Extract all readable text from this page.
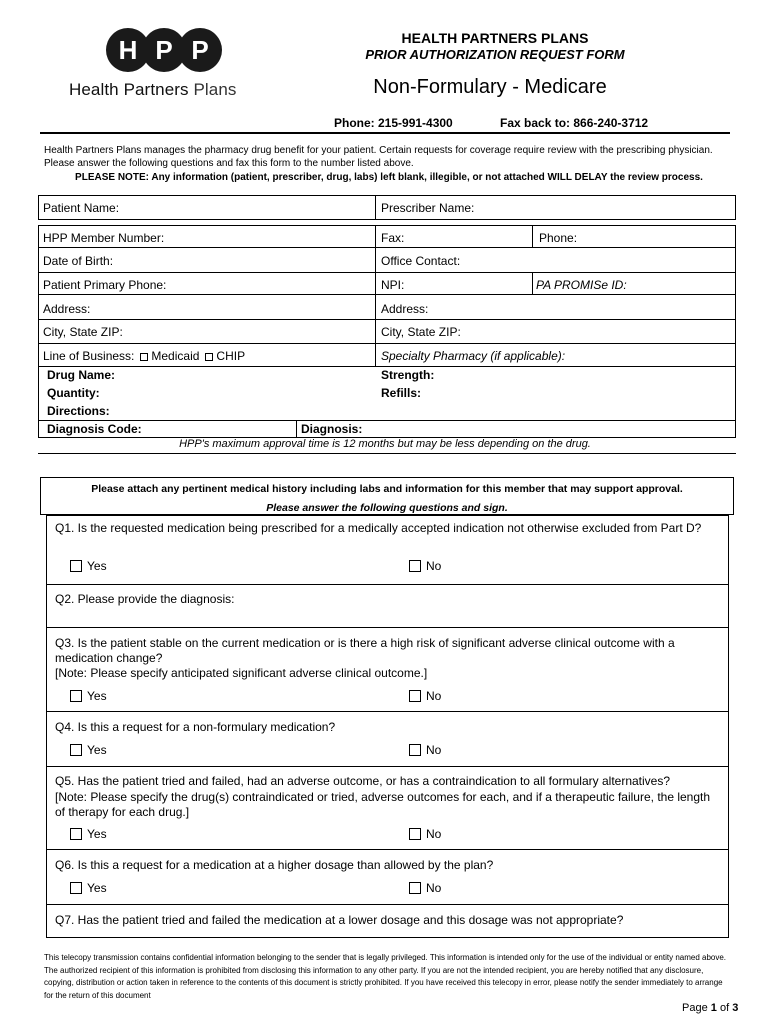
H P P
Health Partners Plans
HEALTH PARTNERS PLANS
PRIOR AUTHORIZATION REQUEST FORM
Non-Formulary - Medicare
Phone: 215-991-4300	Fax back to: 866-240-3712
Health Partners Plans manages the pharmacy drug benefit for your patient. Certain requests for coverage require review with the prescribing physician. Please answer the following questions and fax this form to the number listed above.
PLEASE NOTE: Any information (patient, prescriber, drug, labs) left blank, illegible, or not attached WILL DELAY the review process.
Patient Name:	Prescriber Name:
HPP Member Number:	Fax:	Phone:
Date of Birth:	Office Contact:
Patient Primary Phone:	NPI:	PA PROMISe ID:
Address:	Address:
City, State ZIP:	City, State ZIP:
Line of Business: Medicaid CHIP	Specialty Pharmacy (if applicable):
Drug Name:	Strength:
Quantity:	Refills:
Directions:
Diagnosis Code:	Diagnosis:
HPP's maximum approval time is 12 months but may be less depending on the drug.
Please attach any pertinent medical history including labs and information for this member that may support approval.
Please answer the following questions and sign.
Q1. Is the requested medication being prescribed for a medically accepted indication not otherwise excluded from Part D?
Yes	No
Q2. Please provide the diagnosis:
Q3. Is the patient stable on the current medication or is there a high risk of significant adverse clinical outcome with a medication change?
[Note: Please specify anticipated significant adverse clinical outcome.]
Yes	No
Q4. Is this a request for a non-formulary medication?
Yes	No
Q5. Has the patient tried and failed, had an adverse outcome, or has a contraindication to all formulary alternatives?
[Note: Please specify the drug(s) contraindicated or tried, adverse outcomes for each, and if a therapeutic failure, the length of therapy for each drug.]
Yes	No
Q6. Is this a request for a medication at a higher dosage than allowed by the plan?
Yes	No
Q7. Has the patient tried and failed the medication at a lower dosage and this dosage was not appropriate?
This telecopy transmission contains confidential information belonging to the sender that is legally privileged. This information is intended only for the use of the individual or entity named above. The authorized recipient of this information is prohibited from disclosing this information to any other party. If you are not the intended recipient, you are hereby notified that any disclosure, copying, distribution or action taken in reference to the contents of this document is strictly prohibited. If you have received this telecopy in error, please notify the sender immediately to arrange for the return of this document
Page 1 of 3
